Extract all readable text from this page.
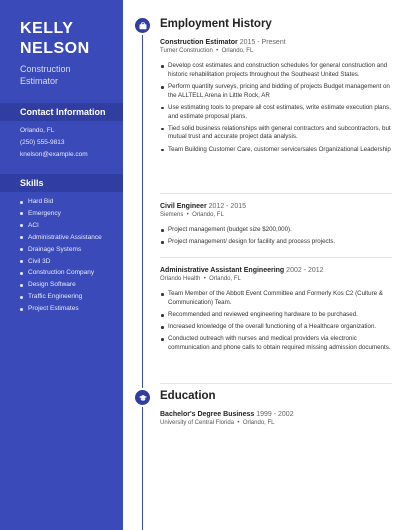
KELLY
NELSON
Construction Estimator
Contact Information
Orlando, FL
(250) 555-9813
knelson@example.com
Skills
Hard Bid
Emergency
ACI
Administrative Assistance
Drainage Systems
Civil 3D
Construction Company
Design Software
Traffic Engineering
Project Estimates
Employment History
Construction Estimator 2015 - Present
Turner Construction  •  Orlando, FL
Develop cost estimates and construction schedules for general construction and historic rehabilitation projects throughout the Southeast United States.
Perform quantity surveys, pricing and bidding of projects Budget management on the ALLTELL Arena in Little Rock, AR
Use estimating tools to prepare all cost estimates, write estimate execution plans, and estimate proposal plans.
Tied solid business relationships with general contractors and subcontractors, but mutual trust and accurate project data analysis.
Team Building Customer Care, customer service/sales Organizational Leadership
Civil Engineer 2012 - 2015
Siemens  •  Orlando, FL
Project management (budget size $200,000).
Project management/ design for facility and process projects.
Administrative Assistant Engineering 2002 - 2012
Orlando Health  •  Orlando, FL
Team Member of the Abbott Event Committee and Formerly Kos C2 (Culture & Communication) Team.
Recommended and reviewed engineering hardware to be purchased.
Increased knowledge of the overall functioning of a Healthcare organization.
Conducted outreach with nurses and medical providers via electronic communication and phone calls to obtain required missing admission documents.
Education
Bachelor's Degree Business 1999 - 2002
University of Central Florida  •  Orlando, FL
